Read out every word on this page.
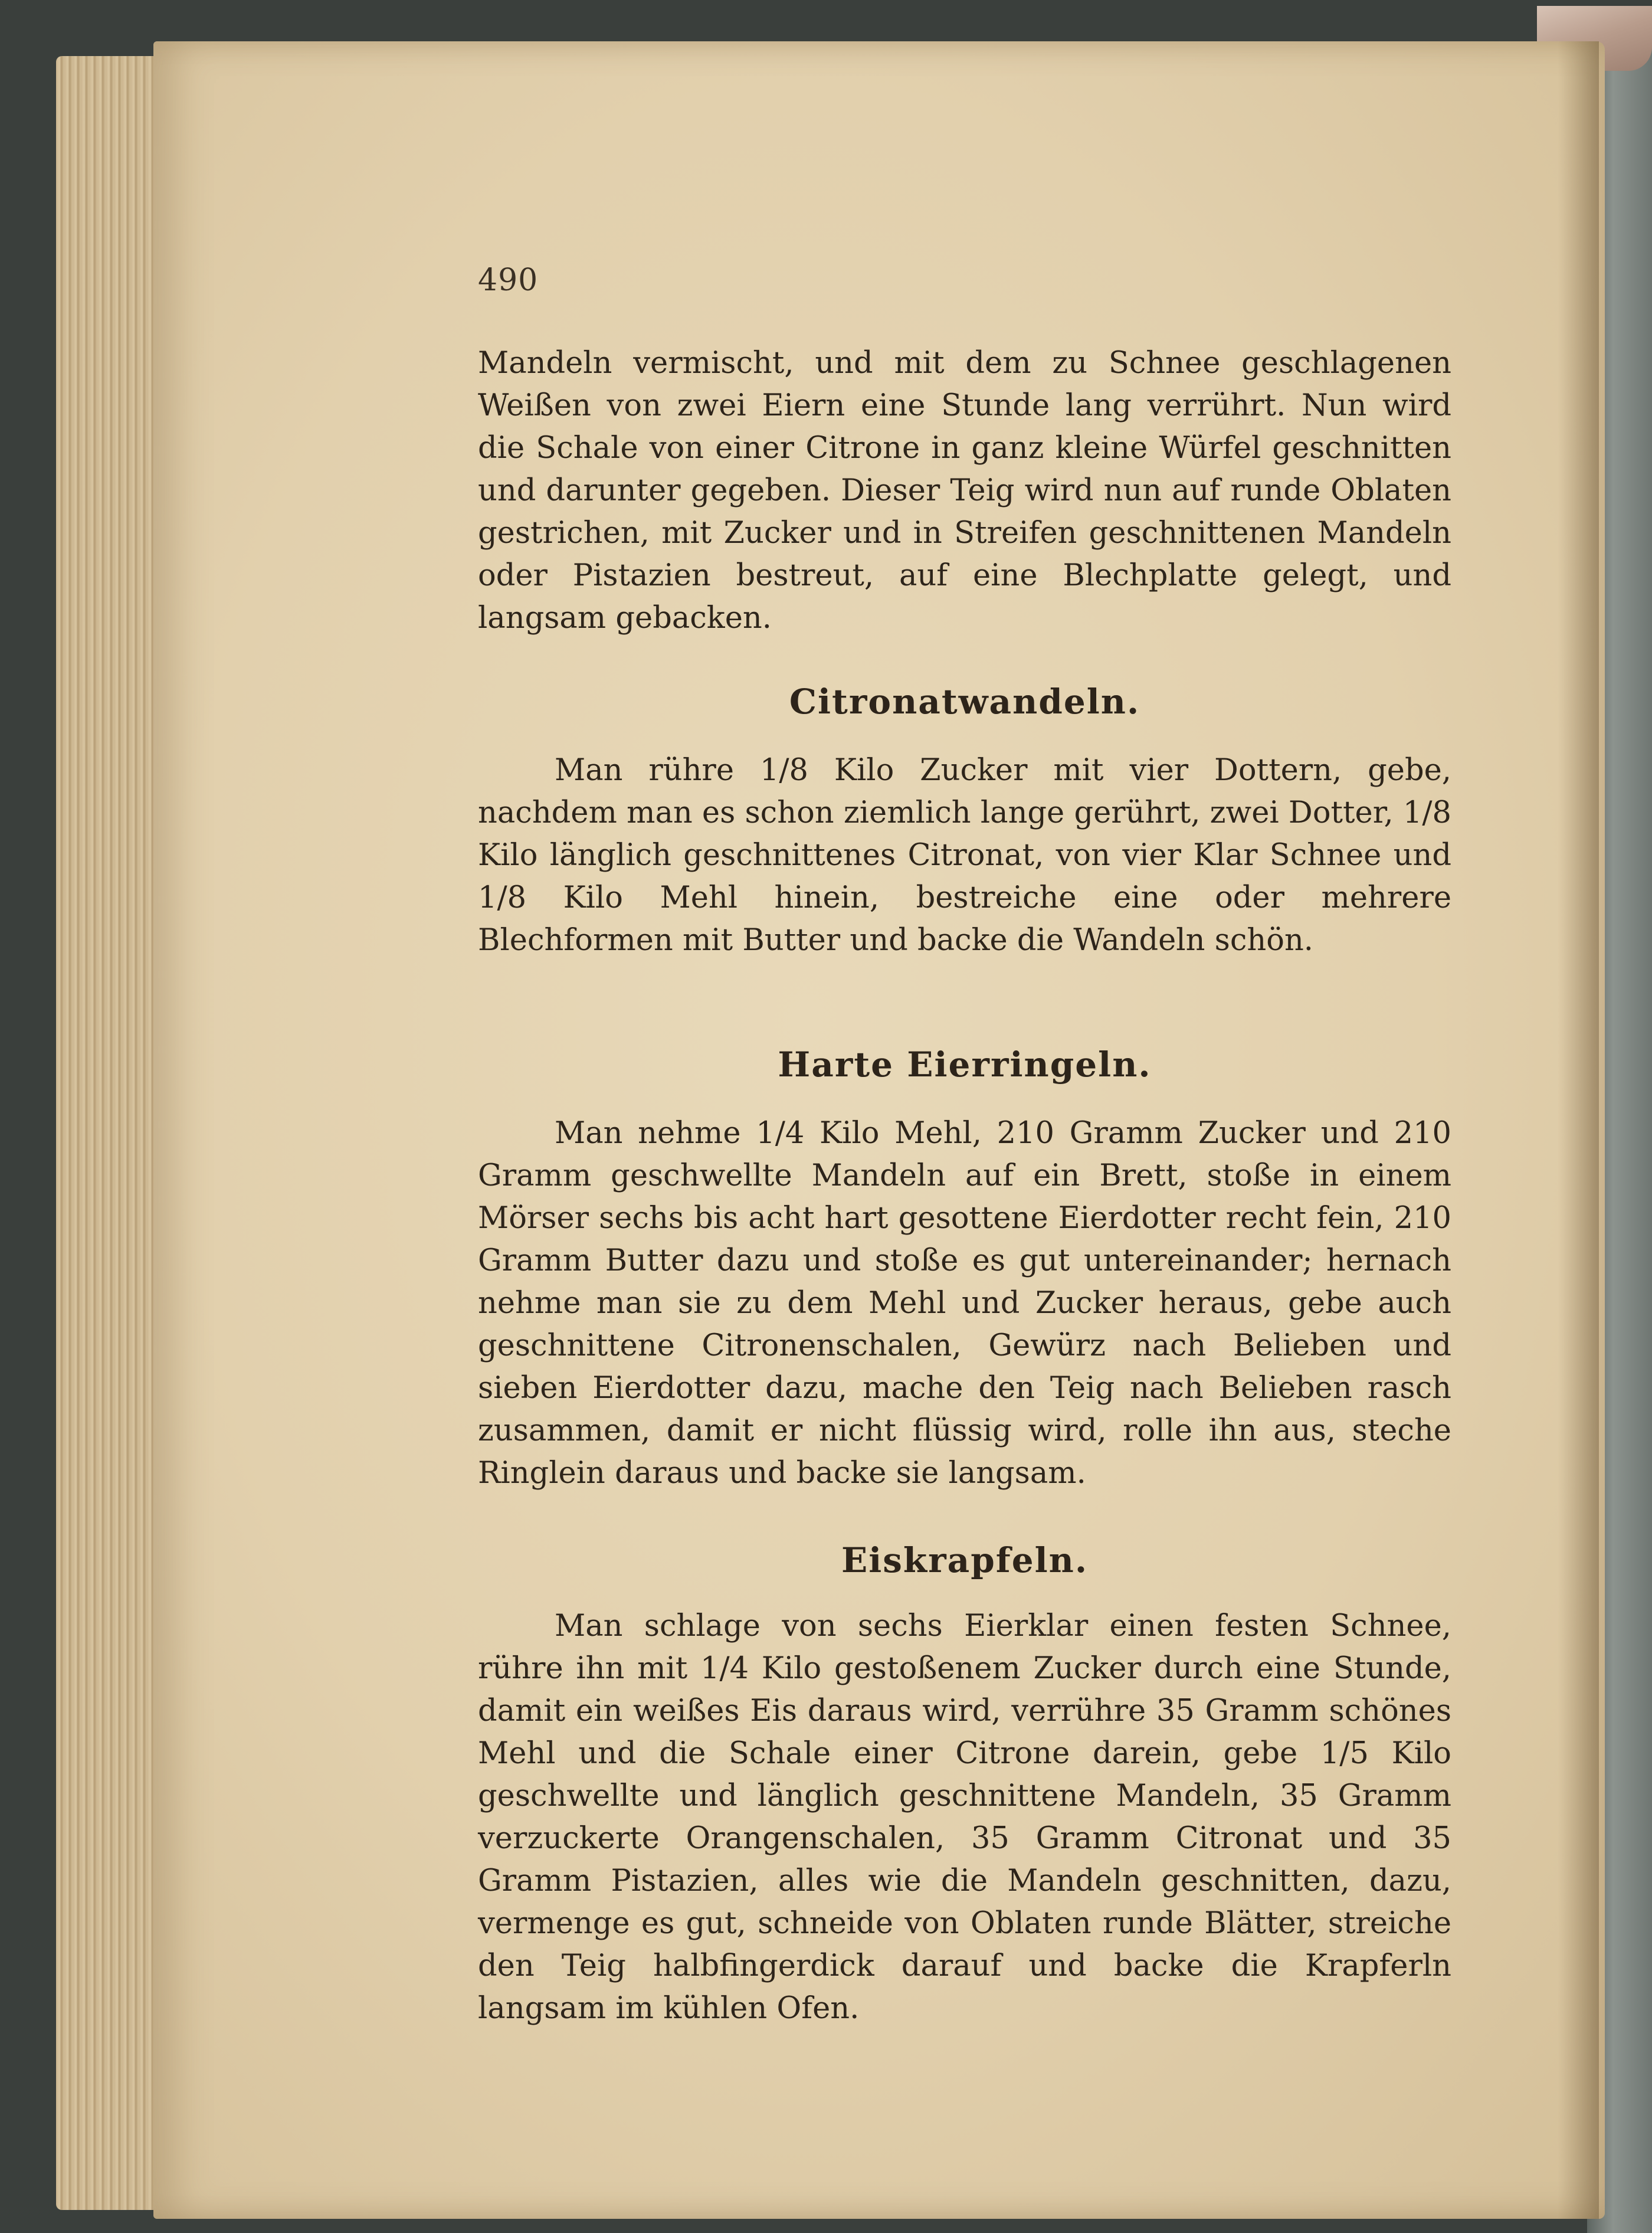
490

Mandeln vermischt, und mit dem zu Schnee geschlagenen Weißen von zwei Eiern eine Stunde lang verrührt. Nun wird die Schale von einer Citrone in ganz kleine Würfel geschnitten und darunter gegeben. Dieser Teig wird nun auf runde Oblaten gestrichen, mit Zucker und in Streifen geschnittenen Mandeln oder Pistazien bestreut, auf eine Blechplatte gelegt, und langsam gebacken.

Citronatwandeln.

Man rühre 1/8 Kilo Zucker mit vier Dottern, gebe, nachdem man es schon ziemlich lange gerührt, zwei Dotter, 1/8 Kilo länglich geschnittenes Citronat, von vier Klar Schnee und 1/8 Kilo Mehl hinein, bestreiche eine oder mehrere Blechformen mit Butter und backe die Wandeln schön.

Harte Eierringeln.

Man nehme 1/4 Kilo Mehl, 210 Gramm Zucker und 210 Gramm geschwellte Mandeln auf ein Brett, stoße in einem Mörser sechs bis acht hart gesottene Eierdotter recht fein, 210 Gramm Butter dazu und stoße es gut untereinander; hernach nehme man sie zu dem Mehl und Zucker heraus, gebe auch geschnittene Citronenschalen, Gewürz nach Belieben und sieben Eierdotter dazu, mache den Teig nach Belieben rasch zusammen, damit er nicht flüssig wird, rolle ihn aus, steche Ringlein daraus und backe sie langsam.

Eiskrapfeln.

Man schlage von sechs Eierklar einen festen Schnee, rühre ihn mit 1/4 Kilo gestoßenem Zucker durch eine Stunde, damit ein weißes Eis daraus wird, verrühre 35 Gramm schönes Mehl und die Schale einer Citrone darein, gebe 1/5 Kilo geschwellte und länglich geschnittene Mandeln, 35 Gramm verzuckerte Orangenschalen, 35 Gramm Citronat und 35 Gramm Pistazien, alles wie die Mandeln geschnitten, dazu, vermenge es gut, schneide von Oblaten runde Blätter, streiche den Teig halbfingerdick darauf und backe die Krapferln langsam im kühlen Ofen.
